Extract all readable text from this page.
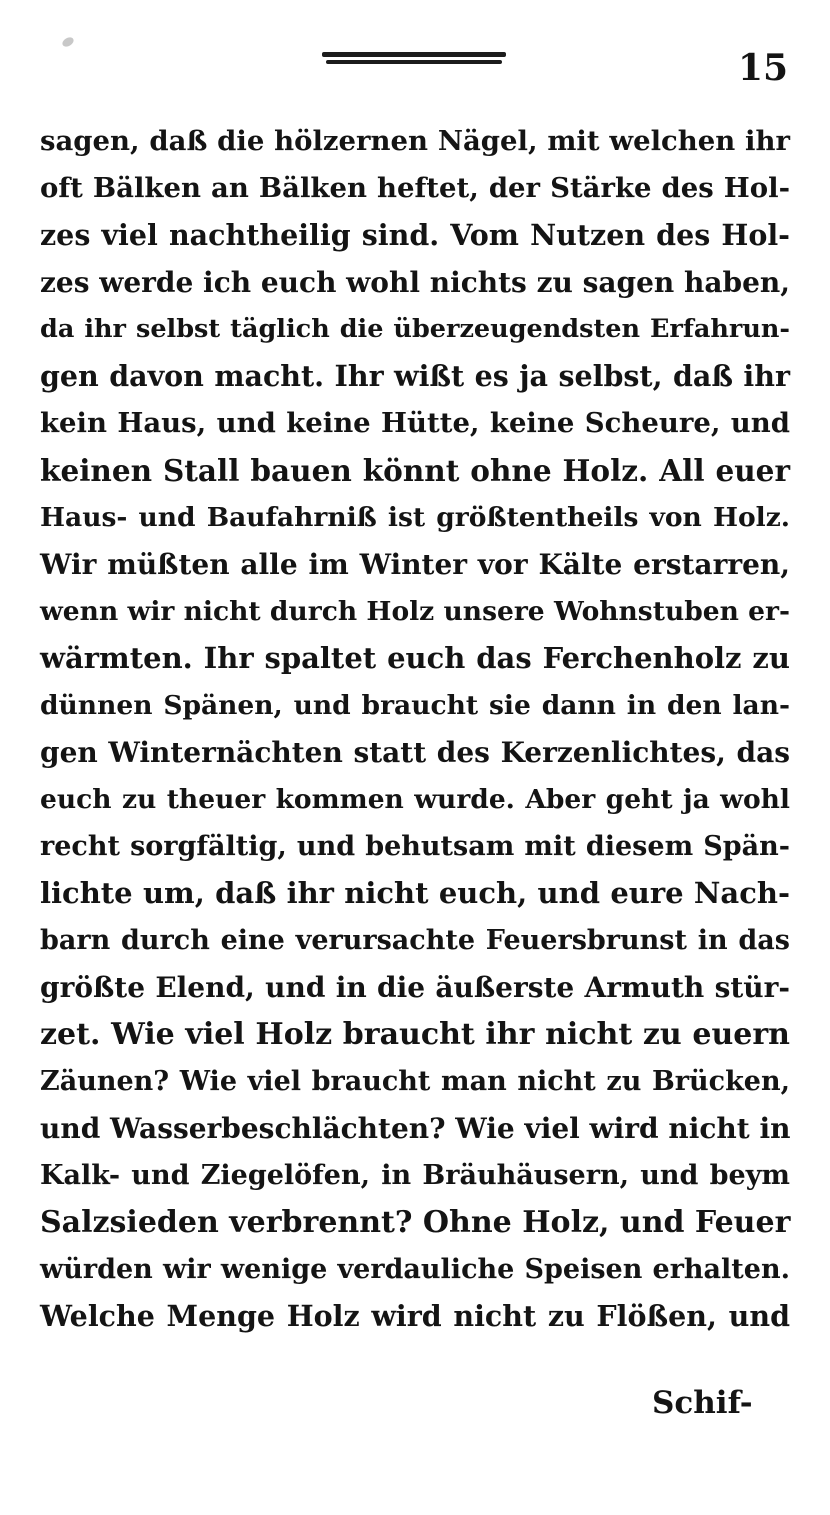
15
sagen, daß die hölzernen Nägel, mit welchen ihr
oft Bälken an Bälken heftet, der Stärke des Hol-
zes viel nachtheilig sind. Vom Nutzen des Hol-
zes werde ich euch wohl nichts zu sagen haben,
da ihr selbst täglich die überzeugendsten Erfahrun-
gen davon macht. Ihr wißt es ja selbst, daß ihr
kein Haus, und keine Hütte, keine Scheure, und
keinen Stall bauen könnt ohne Holz. All euer
Haus- und Baufahrniß ist größtentheils von Holz.
Wir müßten alle im Winter vor Kälte erstarren,
wenn wir nicht durch Holz unsere Wohnstuben er-
wärmten. Ihr spaltet euch das Ferchenholz zu
dünnen Spänen, und braucht sie dann in den lan-
gen Winternächten statt des Kerzenlichtes, das
euch zu theuer kommen wurde. Aber geht ja wohl
recht sorgfältig, und behutsam mit diesem Spän-
lichte um, daß ihr nicht euch, und eure Nach-
barn durch eine verursachte Feuersbrunst in das
größte Elend, und in die äußerste Armuth stür-
zet. Wie viel Holz braucht ihr nicht zu euern
Zäunen? Wie viel braucht man nicht zu Brücken,
und Wasserbeschlächten? Wie viel wird nicht in
Kalk- und Ziegelöfen, in Bräuhäusern, und beym
Salzsieden verbrennt? Ohne Holz, und Feuer
würden wir wenige verdauliche Speisen erhalten.
Welche Menge Holz wird nicht zu Flößen, und
Schif-
